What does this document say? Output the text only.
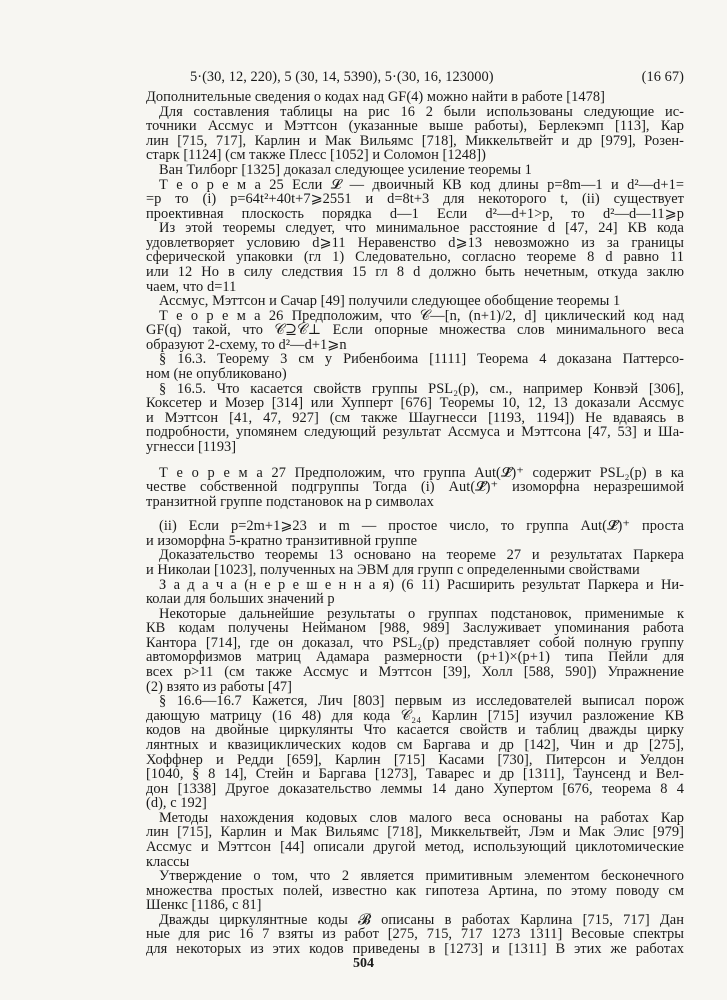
5·(30, 12, 220), 5 (30, 14, 5390), 5·(30, 16, 123000)	(16 67)
Дополнительные сведения о кодах над GF(4) можно найти в работе [1478]
Для составления таблицы на рис 16 2 были использованы следующие ис-
точники Ассмус и Мэттсон (указанные выше работы), Берлекэмп [113], Кар
лин [715, 717], Карлин и Мак Вильямс [718], Миккельтвейт и др [979], Розен-
старк [1124] (см также Плесс [1052] и Соломон [1248])
Ван Тилборг [1325] доказал следующее усиление теоремы 1
Т е о р е м а 25 Если 𝓛 — двоичный КВ код длины p=8m—1 и d²—d+1=
=p то (i) p=64t²+40t+7⩾2551 и d=8t+3 для некоторого t, (ii) существует
проективная плоскость порядка d—1 Если d²—d+1>p, то d²—d—11⩾p
Из этой теоремы следует, что минимальное расстояние d [47, 24] КВ кода
удовлетворяет условию d⩾11 Неравенство d⩾13 невозможно из за границы
сферической упаковки (гл 1) Следовательно, согласно теореме 8 d равно 11
или 12 Но в силу следствия 15 гл 8 d должно быть нечетным, откуда заклю
чаем, что d=11
Ассмус, Мэттсон и Сачар [49] получили следующее обобщение теоремы 1
Т е о р е м а 26 Предположим, что 𝒞—[n, (n+1)/2, d] циклический код над
GF(q) такой, что 𝒞⊇𝒞⊥ Если опорные множества слов минимального веса
образуют 2-схему, то d²—d+1⩾n
§ 16.3. Теорему 3 см у Рибенбоима [1111] Теорема 4 доказана Паттерсо-
ном (не опубликовано)
§ 16.5. Что касается свойств группы PSL₂(p), см., например Конвэй [306],
Коксетер и Мозер [314] или Хупперт [676] Теоремы 10, 12, 13 доказали Ассмус
и Мэттсон [41, 47, 927] (см также Шаугнесси [1193, 1194]) Не вдаваясь в
подробности, упомянем следующий результат Ассмуса и Мэттсона [47, 53] и Ша-
угнесси [1193]
Т е о р е м а 27 Предположим, что группа Aut(𝓛̂)⁺ содержит PSL₂(p) в ка
честве собственной подгруппы Тогда (i) Aut(𝓛̂)⁺ изоморфна неразрешимой
транзитной группе подстановок на p символах
(ii) Если p=2m+1⩾23 и m — простое число, то группа Aut(𝓛̂)⁺ проста
и изоморфна 5-кратно транзитивной группе
Доказательство теоремы 13 основано на теореме 27 и результатах Паркера
и Николаи [1023], полученных на ЭВМ для групп с определенными свойствами
З а д а ч а (н е р е ш е н н а я) (6 11) Расширить результат Паркера и Ни-
колаи для больших значений p
Некоторые дальнейшие результаты о группах подстановок, применимые к
КВ кодам получены Нейманом [988, 989] Заслуживает упоминания работа
Кантора [714], где он доказал, что PSL₂(p) представляет собой полную группу
автоморфизмов матриц Адамара размерности (p+1)×(p+1) типа Пейли для
всех p>11 (см также Ассмус и Мэттсон [39], Холл [588, 590]) Упражнение
(2) взято из работы [47]
§ 16.6—16.7 Кажется, Лич [803] первым из исследователей выписал порож
дающую матрицу (16 48) для кода 𝒞₂₄ Карлин [715] изучил разложение КВ
кодов на двойные циркулянты Что касается свойств и таблиц дважды цирку
лянтных и квазициклических кодов см Баргава и др [142], Чин и др [275],
Хоффнер и Редди [659], Карлин [715] Касами [730], Питерсон и Уелдон
[1040, § 8 14], Стейн и Баргава [1273], Таварес и др [1311], Таунсенд и Вел-
дон [1338] Другое доказательство леммы 14 дано Хупертом [676, теорема 8 4
(d), с 192]
Методы нахождения кодовых слов малого веса основаны на работах Кар
лин [715], Карлин и Мак Вильямс [718], Миккельтвейт, Лэм и Мак Элис [979]
Ассмус и Мэттсон [44] описали другой метод, использующий циклотомические
классы
Утверждение о том, что 2 является примитивным элементом бесконечного
множества простых полей, известно как гипотеза Артина, по этому поводу см
Шенкс [1186, с 81]
Дважды циркулянтные коды 𝓑 описаны в работах Карлина [715, 717] Дан
ные для рис 16 7 взяты из работ [275, 715, 717 1273 1311] Весовые спектры
для некоторых из этих кодов приведены в [1273] и [1311] В этих же работах
504
